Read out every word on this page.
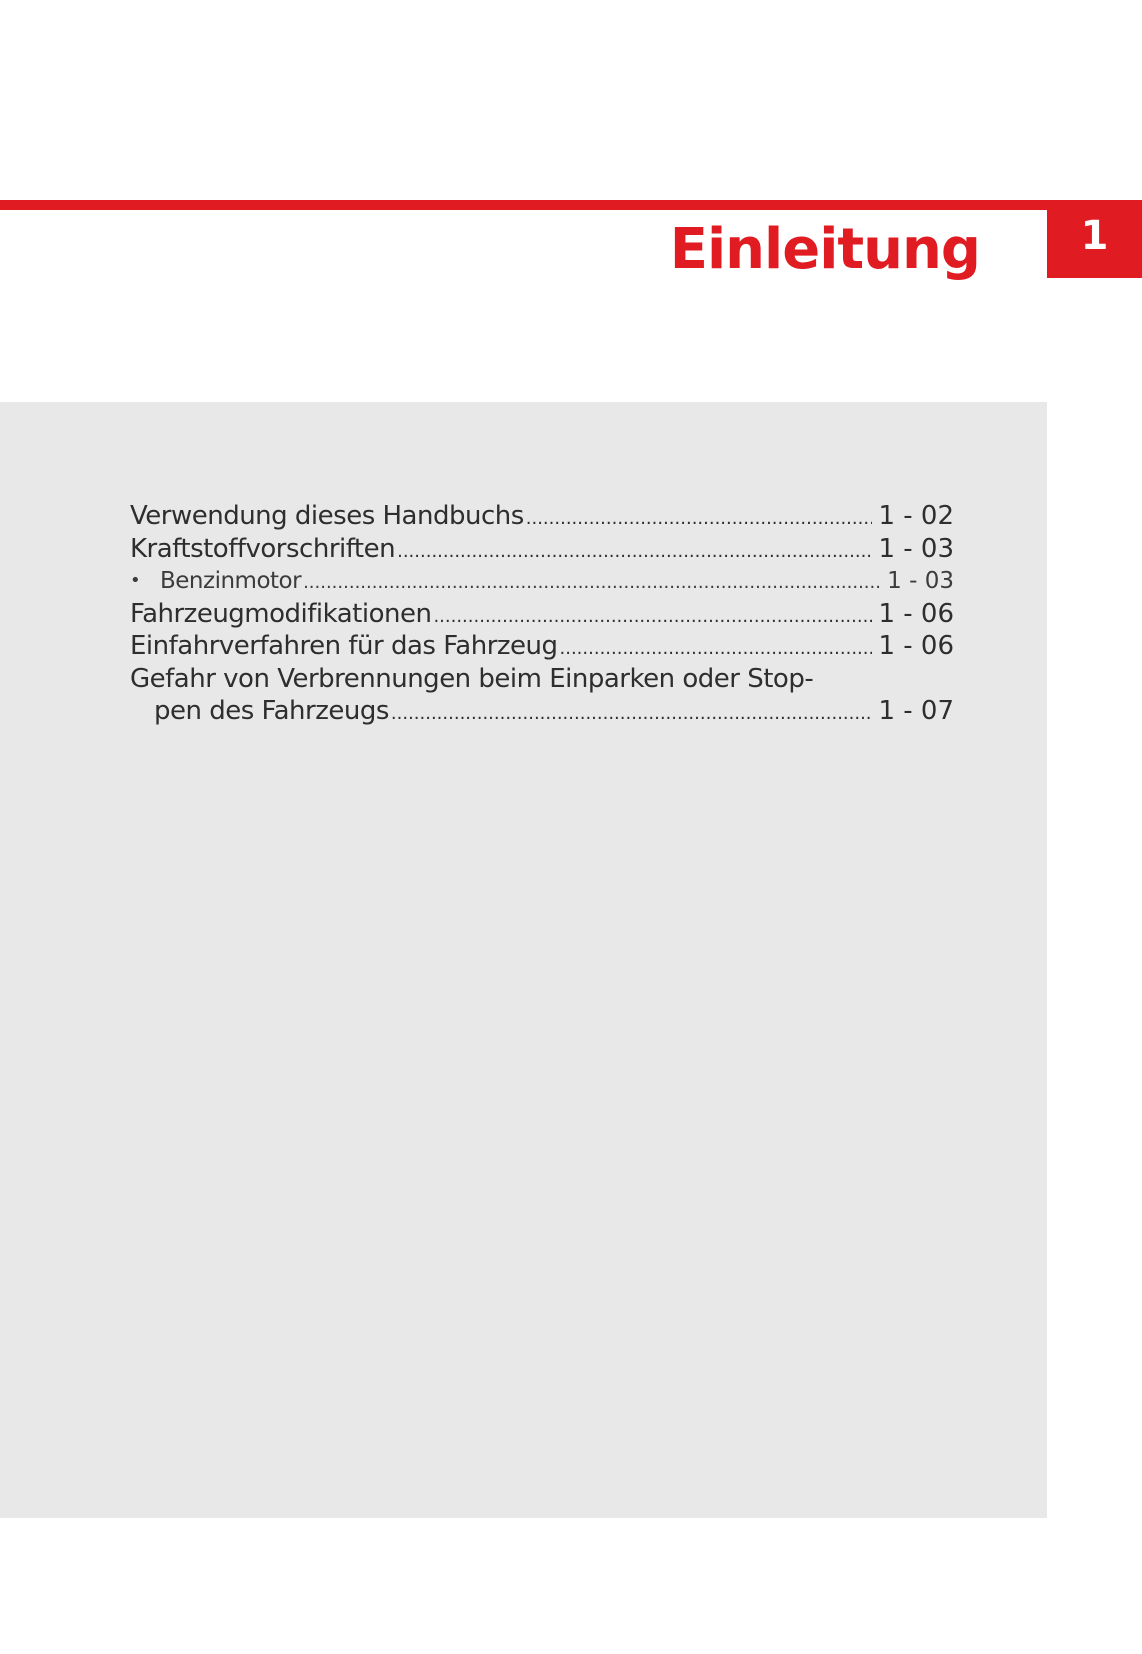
Einleitung	1
Verwendung dieses Handbuchs .....	1 - 02
Kraftstoffvorschriften .....	1 - 03
• Benzinmotor .....	1 - 03
Fahrzeugmodifikationen .....	1 - 06
Einfahrverfahren für das Fahrzeug .....	1 - 06
Gefahr von Verbrennungen beim Einparken oder Stop-
pen des Fahrzeugs .....	1 - 07
